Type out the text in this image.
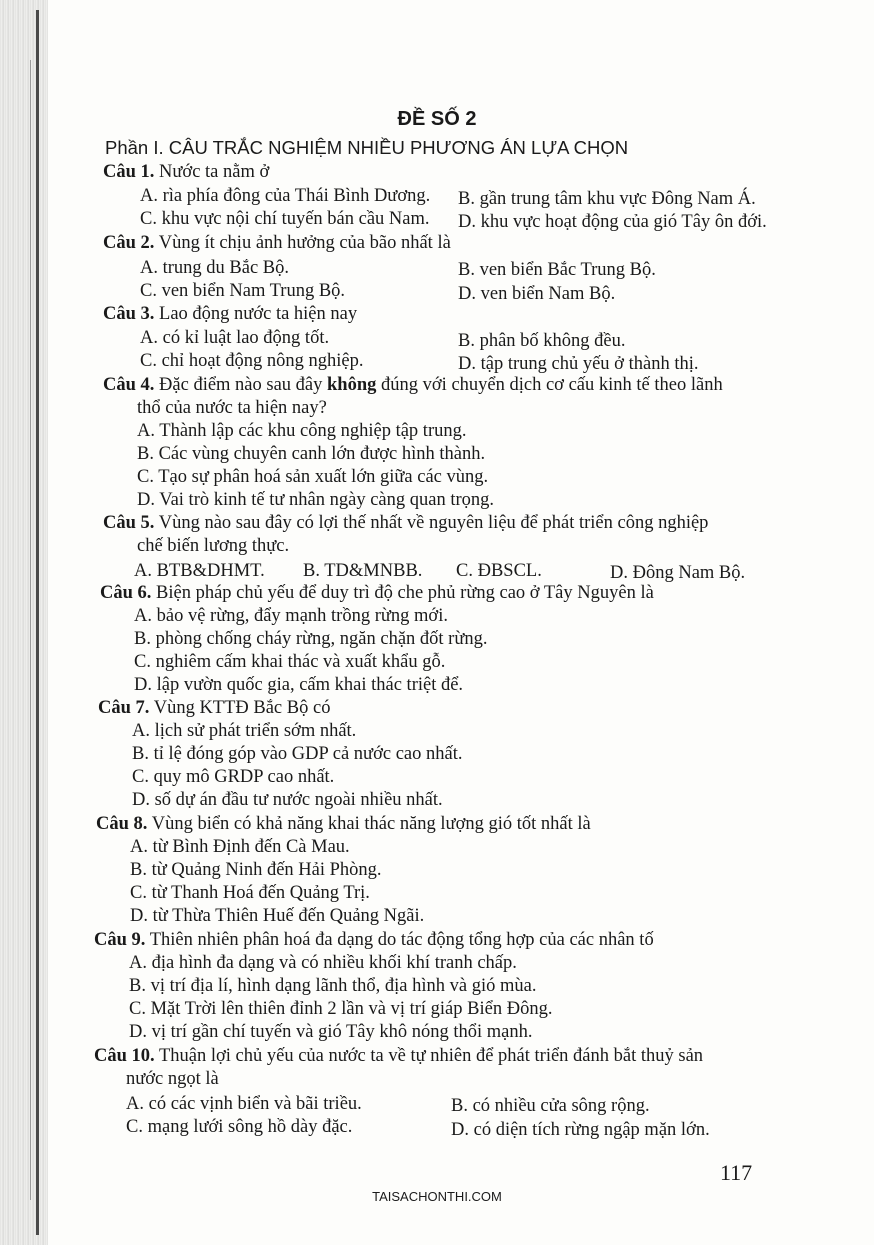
ĐỀ SỐ 2
Phần I. CÂU TRẮC NGHIỆM NHIỀU PHƯƠNG ÁN LỰA CHỌN
Câu 1. Nước ta nằm ở
A. rìa phía đông của Thái Bình Dương. B. gần trung tâm khu vực Đông Nam Á.
C. khu vực nội chí tuyến bán cầu Nam. D. khu vực hoạt động của gió Tây ôn đới.
Câu 2. Vùng ít chịu ảnh hưởng của bão nhất là
A. trung du Bắc Bộ.	B. ven biển Bắc Trung Bộ.
C. ven biển Nam Trung Bộ.	D. ven biển Nam Bộ.
Câu 3. Lao động nước ta hiện nay
A. có kỉ luật lao động tốt.	B. phân bố không đều.
C. chỉ hoạt động nông nghiệp.	D. tập trung chủ yếu ở thành thị.
Câu 4. Đặc điểm nào sau đây không đúng với chuyển dịch cơ cấu kinh tế theo lãnh
thổ của nước ta hiện nay?
A. Thành lập các khu công nghiệp tập trung.
B. Các vùng chuyên canh lớn được hình thành.
C. Tạo sự phân hoá sản xuất lớn giữa các vùng.
D. Vai trò kinh tế tư nhân ngày càng quan trọng.
Câu 5. Vùng nào sau đây có lợi thế nhất về nguyên liệu để phát triển công nghiệp
chế biến lương thực.
A. BTB&DHMT. B. TD&MNBB. C. ĐBSCL.	D. Đông Nam Bộ.
Câu 6. Biện pháp chủ yếu để duy trì độ che phủ rừng cao ở Tây Nguyên là
A. bảo vệ rừng, đẩy mạnh trồng rừng mới.
B. phòng chống cháy rừng, ngăn chặn đốt rừng.
C. nghiêm cấm khai thác và xuất khẩu gỗ.
D. lập vườn quốc gia, cấm khai thác triệt để.
Câu 7. Vùng KTTĐ Bắc Bộ có
A. lịch sử phát triển sớm nhất.
B. tỉ lệ đóng góp vào GDP cả nước cao nhất.
C. quy mô GRDP cao nhất.
D. số dự án đầu tư nước ngoài nhiều nhất.
Câu 8. Vùng biển có khả năng khai thác năng lượng gió tốt nhất là
A. từ Bình Định đến Cà Mau.
B. từ Quảng Ninh đến Hải Phòng.
C. từ Thanh Hoá đến Quảng Trị.
D. từ Thừa Thiên Huế đến Quảng Ngãi.
Câu 9. Thiên nhiên phân hoá đa dạng do tác động tổng hợp của các nhân tố
A. địa hình đa dạng và có nhiều khối khí tranh chấp.
B. vị trí địa lí, hình dạng lãnh thổ, địa hình và gió mùa.
C. Mặt Trời lên thiên đỉnh 2 lần và vị trí giáp Biển Đông.
D. vị trí gần chí tuyến và gió Tây khô nóng thổi mạnh.
Câu 10. Thuận lợi chủ yếu của nước ta về tự nhiên để phát triển đánh bắt thuỷ sản
nước ngọt là
A. có các vịnh biển và bãi triều.	B. có nhiều cửa sông rộng.
C. mạng lưới sông hồ dày đặc.	D. có diện tích rừng ngập mặn lớn.
117
TAISACHONTHI.COM
